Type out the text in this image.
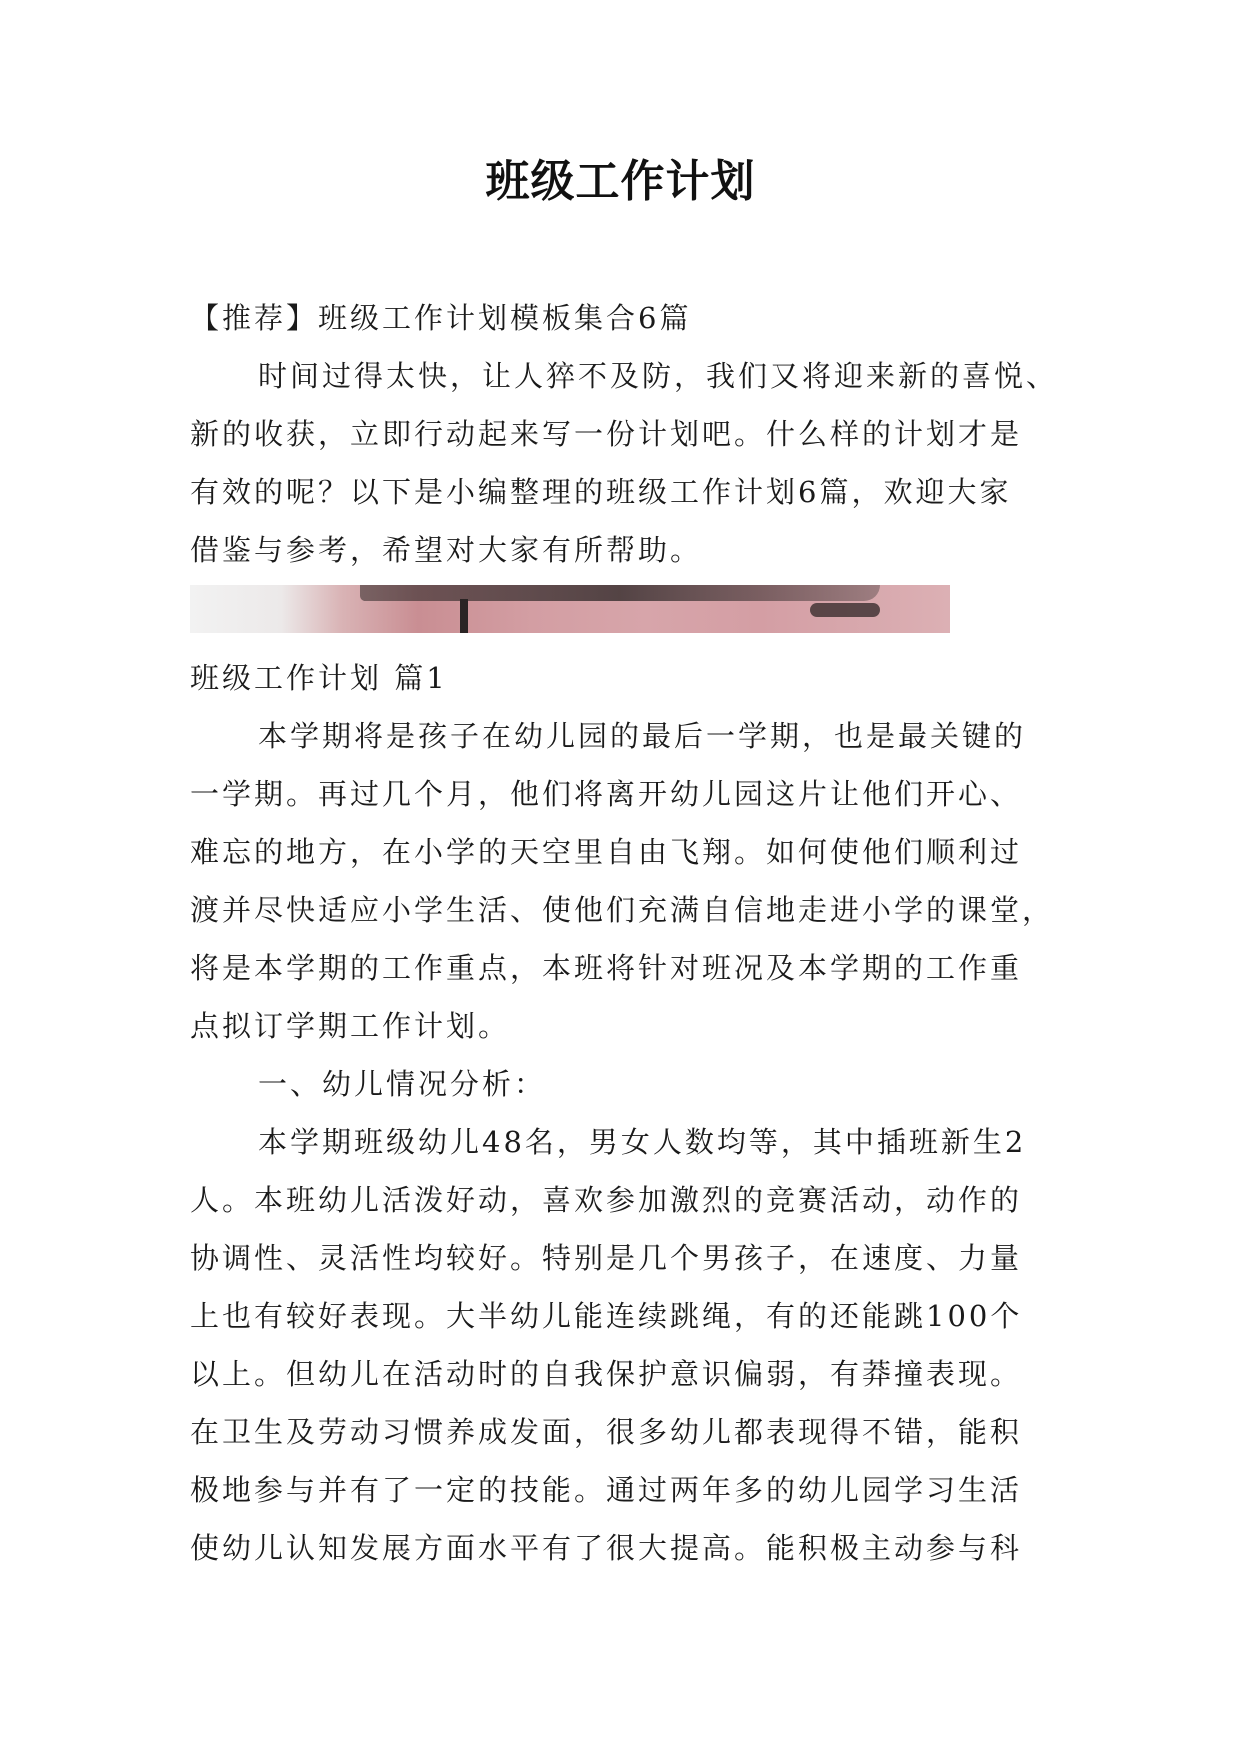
班级工作计划
【推荐】班级工作计划模板集合6篇
时间过得太快，让人猝不及防，我们又将迎来新的喜悦、
新的收获，立即行动起来写一份计划吧。什么样的计划才是
有效的呢？以下是小编整理的班级工作计划6篇，欢迎大家
借鉴与参考，希望对大家有所帮助。
班级工作计划 篇1
本学期将是孩子在幼儿园的最后一学期，也是最关键的
一学期。再过几个月，他们将离开幼儿园这片让他们开心、
难忘的地方，在小学的天空里自由飞翔。如何使他们顺利过
渡并尽快适应小学生活、使他们充满自信地走进小学的课堂，
将是本学期的工作重点，本班将针对班况及本学期的工作重
点拟订学期工作计划。
一、幼儿情况分析：
本学期班级幼儿48名，男女人数均等，其中插班新生2
人。本班幼儿活泼好动，喜欢参加激烈的竞赛活动，动作的
协调性、灵活性均较好。特别是几个男孩子，在速度、力量
上也有较好表现。大半幼儿能连续跳绳，有的还能跳100个
以上。但幼儿在活动时的自我保护意识偏弱，有莽撞表现。
在卫生及劳动习惯养成发面，很多幼儿都表现得不错，能积
极地参与并有了一定的技能。通过两年多的幼儿园学习生活
使幼儿认知发展方面水平有了很大提高。能积极主动参与科
